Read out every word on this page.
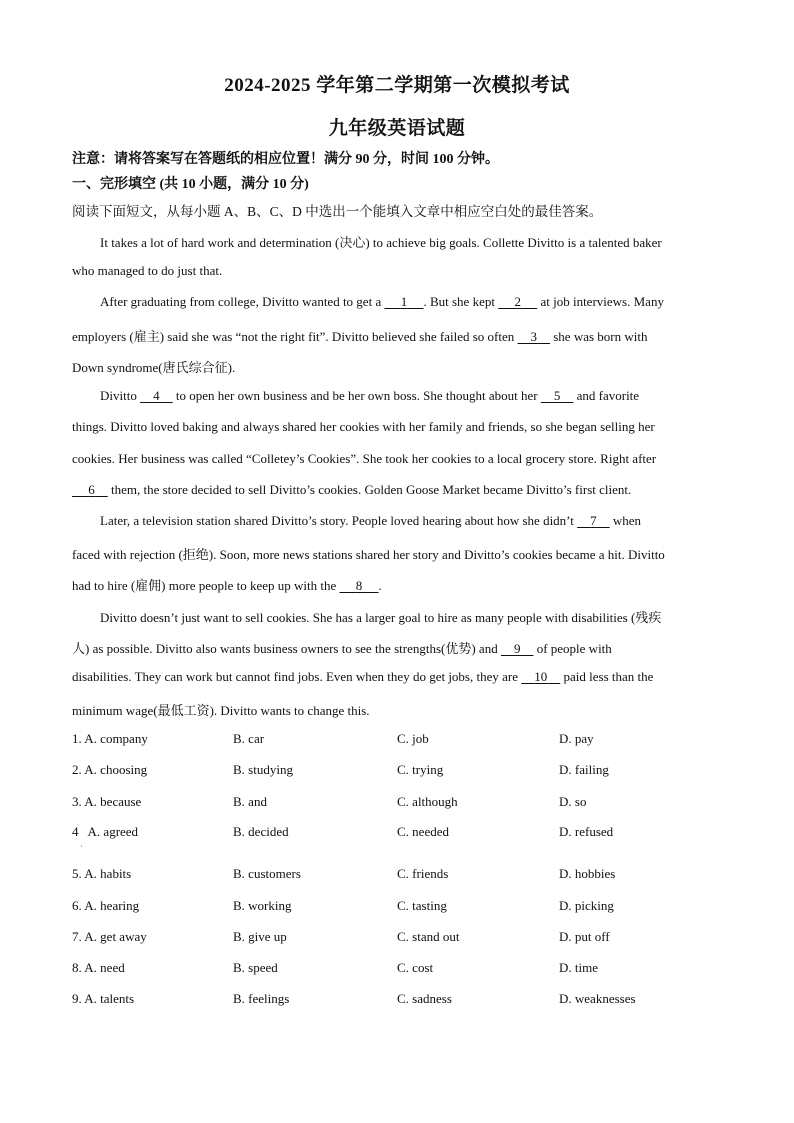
2024-2025 学年第二学期第一次模拟考试
九年级英语试题
注意：请将答案写在答题纸的相应位置！满分 90 分，时间 100 分钟。
一、完形填空 (共 10 小题，满分 10 分)
阅读下面短文，从每小题 A、B、C、D 中选出一个能填入文章中相应空白处的最佳答案。
It takes a lot of hard work and determination (决心) to achieve big goals. Collette Divitto is a talented baker
who managed to do just that.
After graduating from college, Divitto wanted to get a      1 . But she kept      2      at job interviews. Many
employers (雇主) said she was “not the right fit”. Divitto believed she failed so often     3     she was born with
Down syndrome(唐氏综合征).
Divitto     4     to open her own business and be her own boss. She thought about her     5     and favorite
things. Divitto loved baking and always shared her cookies with her family and friends, so she began selling her
cookies. Her business was called “Colletey’s Cookies”. She took her cookies to a local grocery store. Right after
6     them, the store decided to sell Divitto’s cookies. Golden Goose Market became Divitto’s first client.
Later, a television station shared Divitto’s story. People loved hearing about how she didn’t     7     when
faced with rejection (拒绝). Soon, more news stations shared her story and Divitto’s cookies became a hit. Divitto
had to hire (雇佣) more people to keep up with the      8 .
Divitto doesn’t just want to sell cookies. She has a larger goal to hire as many people with disabilities (残疾
人) as possible. Divitto also wants business owners to see the strengths(优势) and     9     of people with
disabilities. They can work but cannot find jobs. Even when they do get jobs, they are     10     paid less than the
minimum wage(最低工资). Divitto wants to change this.
1. A. company	B. car	C. job	D. pay
2. A. choosing	B. studying	C. trying	D. failing
3. A. because	B. and	C. although	D. so
4   A. agreed	B. decided	C. needed	D. refused
·
5. A. habits	B. customers	C. friends	D. hobbies
6. A. hearing	B. working	C. tasting	D. picking
7. A. get away	B. give up	C. stand out	D. put off
8. A. need	B. speed	C. cost	D. time
9. A. talents	B. feelings	C. sadness	D. weaknesses
